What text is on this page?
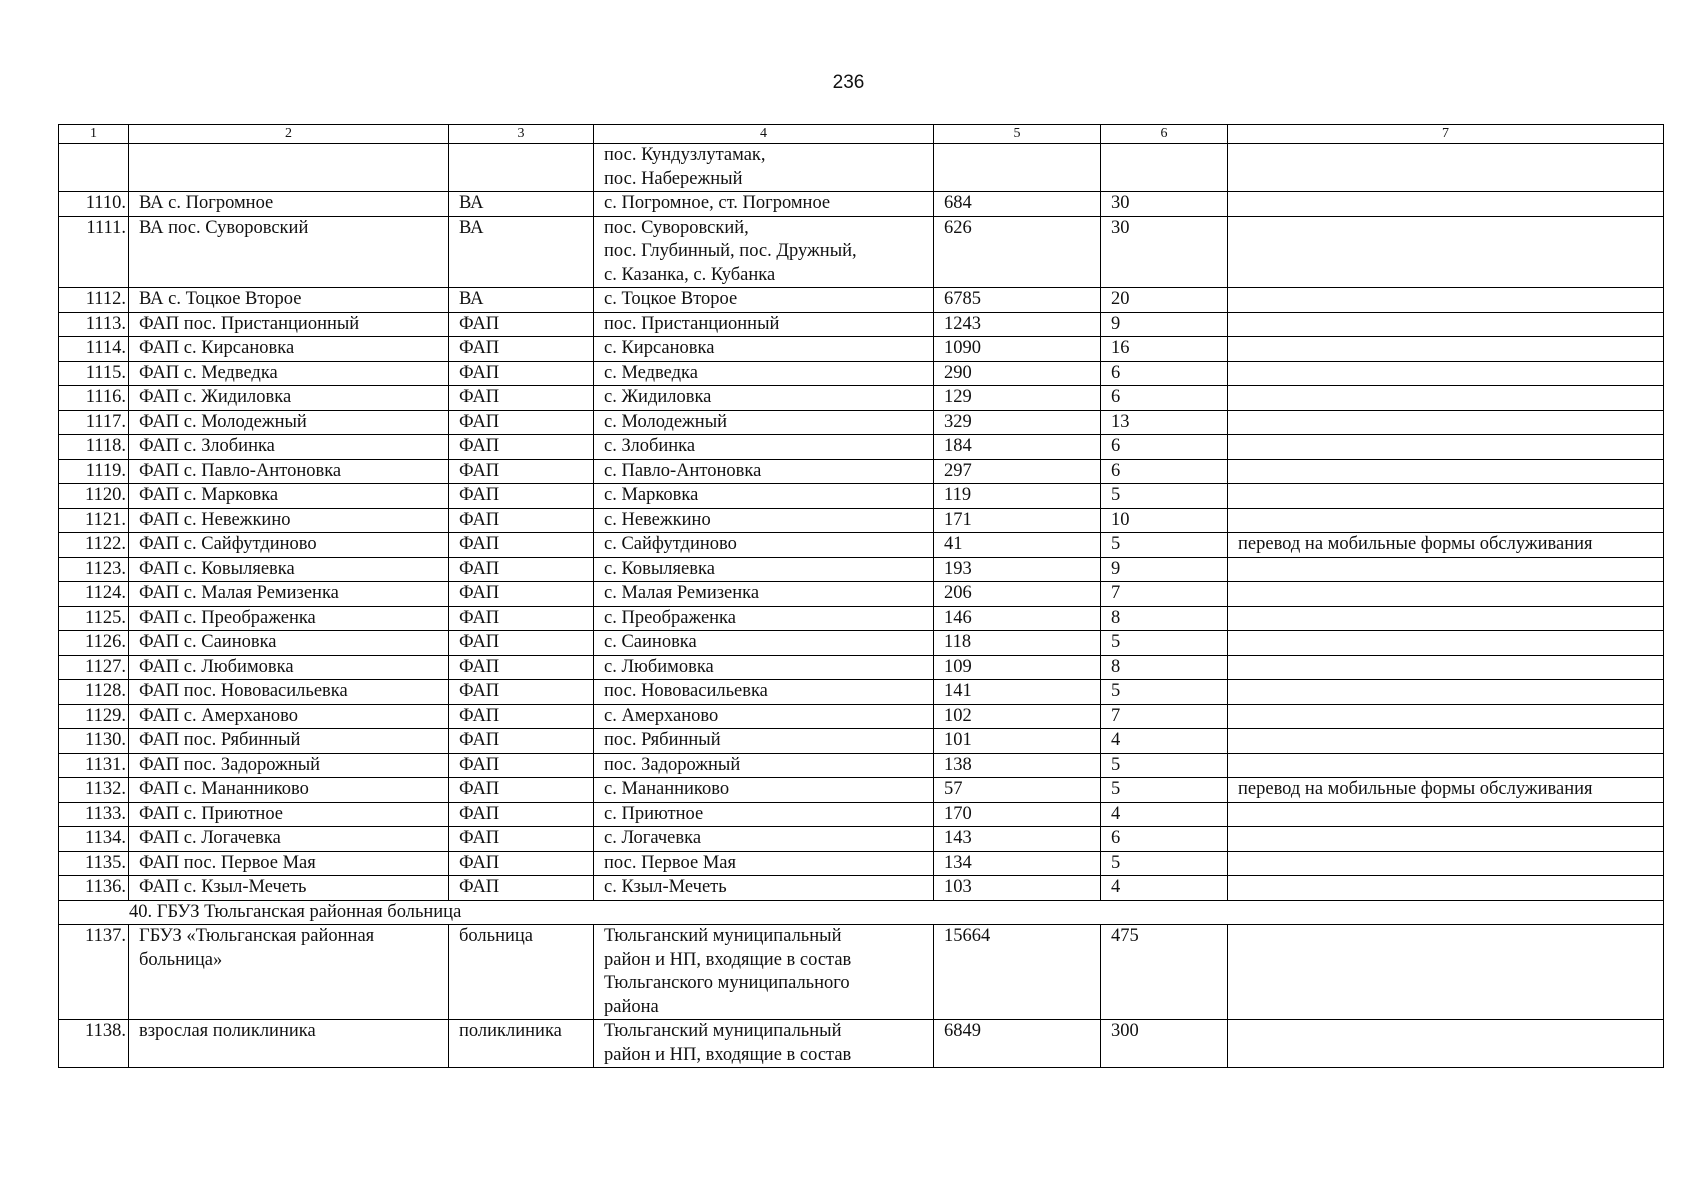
236
1	2	3	4	5	6	7

			пос. Кундузлутамак,
пос. Набережный			

1110.	ВА с. Погромное	ВА	с. Погромное, ст. Погромное	684	30	
1111.	ВА пос. Суворовский	ВА	пос. Суворовский,
пос. Глубинный, пос. Дружный,
с. Казанка, с. Кубанка	626	30	
1112.	ВА с. Тоцкое Второе	ВА	с. Тоцкое Второе	6785	20	
1113.	ФАП пос. Пристанционный	ФАП	пос. Пристанционный	1243	9	
1114.	ФАП с. Кирсановка	ФАП	с. Кирсановка	1090	16	
1115.	ФАП с. Медведка	ФАП	с. Медведка	290	6	
1116.	ФАП с. Жидиловка	ФАП	с. Жидиловка	129	6	
1117.	ФАП с. Молодежный	ФАП	с. Молодежный	329	13	
1118.	ФАП с. Злобинка	ФАП	с. Злобинка	184	6	
1119.	ФАП с. Павло-Антоновка	ФАП	с. Павло-Антоновка	297	6	
1120.	ФАП с. Марковка	ФАП	с. Марковка	119	5	
1121.	ФАП с. Невежкино	ФАП	с. Невежкино	171	10	
1122.	ФАП с. Сайфутдиново	ФАП	с. Сайфутдиново	41	5	перевод на мобильные формы обслуживания
1123.	ФАП с. Ковыляевка	ФАП	с. Ковыляевка	193	9	
1124.	ФАП с. Малая Ремизенка	ФАП	с. Малая Ремизенка	206	7	
1125.	ФАП с. Преображенка	ФАП	с. Преображенка	146	8	
1126.	ФАП с. Саиновка	ФАП	с. Саиновка	118	5	
1127.	ФАП с. Любимовка	ФАП	с. Любимовка	109	8	
1128.	ФАП пос. Нововасильевка	ФАП	пос. Нововасильевка	141	5	
1129.	ФАП с. Амерханово	ФАП	с. Амерханово	102	7	
1130.	ФАП пос. Рябинный	ФАП	пос. Рябинный	101	4	
1131.	ФАП пос. Задорожный	ФАП	пос. Задорожный	138	5	
1132.	ФАП с. Мананниково	ФАП	с. Мананниково	57	5	перевод на мобильные формы обслуживания
1133.	ФАП с. Приютное	ФАП	с. Приютное	170	4	
1134.	ФАП с. Логачевка	ФАП	с. Логачевка	143	6	
1135.	ФАП пос. Первое Мая	ФАП	пос. Первое Мая	134	5	
1136.	ФАП с. Кзыл-Мечеть	ФАП	с. Кзыл-Мечеть	103	4	
40. ГБУЗ Тюльганская районная больница						
1137.	ГБУЗ «Тюльганская районная
больница»	больница	Тюльганский муниципальный
район и НП, входящие в состав
Тюльганского муниципального
района	15664	475	
1138.	взрослая поликлиника	поликлиника	Тюльганский муниципальный
район и НП, входящие в состав	6849	300	
